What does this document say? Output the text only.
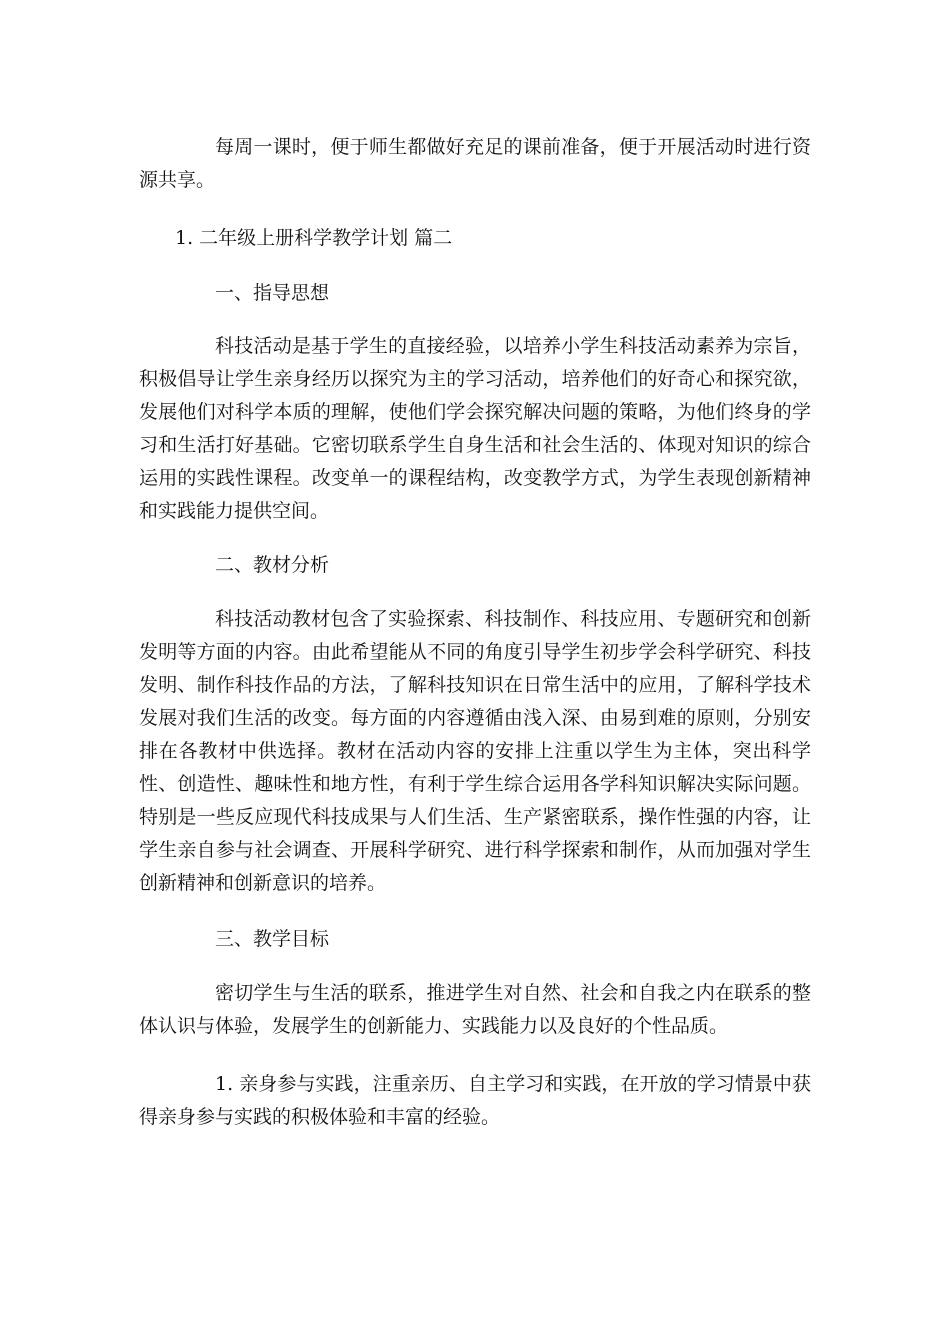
每周一课时，便于师生都做好充足的课前准备，便于开展活动时进行资源共享。

1. 二年级上册科学教学计划 篇二

一、指导思想

科技活动是基于学生的直接经验，以培养小学生科技活动素养为宗旨，积极倡导让学生亲身经历以探究为主的学习活动，培养他们的好奇心和探究欲，发展他们对科学本质的理解，使他们学会探究解决问题的策略，为他们终身的学习和生活打好基础。它密切联系学生自身生活和社会生活的、体现对知识的综合运用的实践性课程。改变单一的课程结构，改变教学方式，为学生表现创新精神和实践能力提供空间。

二、教材分析

科技活动教材包含了实验探索、科技制作、科技应用、专题研究和创新发明等方面的内容。由此希望能从不同的角度引导学生初步学会科学研究、科技发明、制作科技作品的方法，了解科技知识在日常生活中的应用，了解科学技术发展对我们生活的改变。每方面的内容遵循由浅入深、由易到难的原则，分别安排在各教材中供选择。教材在活动内容的安排上注重以学生为主体，突出科学性、创造性、趣味性和地方性，有利于学生综合运用各学科知识解决实际问题。特别是一些反应现代科技成果与人们生活、生产紧密联系，操作性强的内容，让学生亲自参与社会调查、开展科学研究、进行科学探索和制作，从而加强对学生创新精神和创新意识的培养。

三、教学目标

密切学生与生活的联系，推进学生对自然、社会和自我之内在联系的整体认识与体验，发展学生的创新能力、实践能力以及良好的个性品质。

1. 亲身参与实践，注重亲历、自主学习和实践，在开放的学习情景中获得亲身参与实践的积极体验和丰富的经验。
